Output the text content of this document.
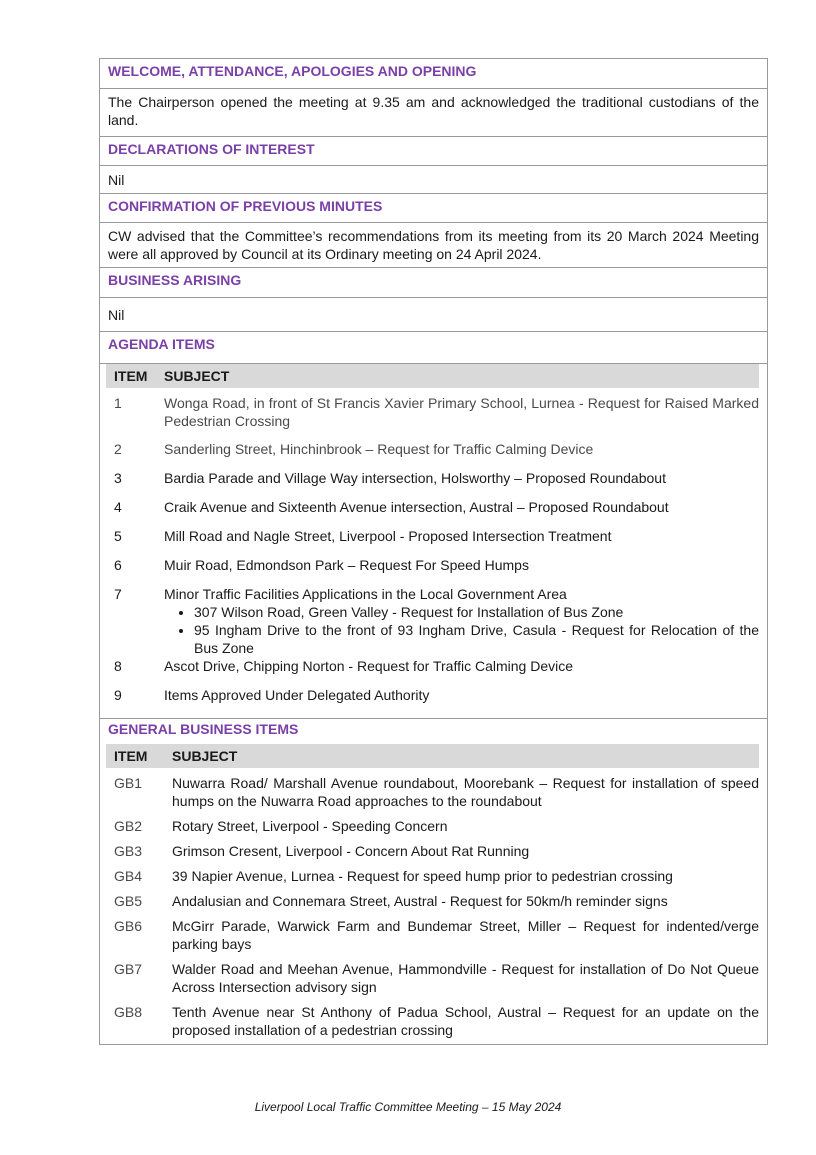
WELCOME, ATTENDANCE, APOLOGIES AND OPENING
The Chairperson opened the meeting at 9.35 am and acknowledged the traditional custodians of the land.
DECLARATIONS OF INTEREST
Nil
CONFIRMATION OF PREVIOUS MINUTES
CW advised that the Committee’s recommendations from its meeting from its 20 March 2024 Meeting were all approved by Council at its Ordinary meeting on 24 April 2024.
BUSINESS ARISING
Nil
AGENDA ITEMS
ITEM	SUBJECT
1	Wonga Road, in front of St Francis Xavier Primary School, Lurnea - Request for Raised Marked Pedestrian Crossing
2	Sanderling Street, Hinchinbrook – Request for Traffic Calming Device
3	Bardia Parade and Village Way intersection, Holsworthy – Proposed Roundabout
4	Craik Avenue and Sixteenth Avenue intersection, Austral – Proposed Roundabout
5	Mill Road and Nagle Street, Liverpool - Proposed Intersection Treatment
6	Muir Road, Edmondson Park – Request For Speed Humps
7	Minor Traffic Facilities Applications in the Local Government Area
• 307 Wilson Road, Green Valley - Request for Installation of Bus Zone
• 95 Ingham Drive to the front of 93 Ingham Drive, Casula - Request for Relocation of the Bus Zone
8	Ascot Drive, Chipping Norton - Request for Traffic Calming Device
9	Items Approved Under Delegated Authority
GENERAL BUSINESS ITEMS
ITEM	SUBJECT
GB1	Nuwarra Road/ Marshall Avenue roundabout, Moorebank – Request for installation of speed humps on the Nuwarra Road approaches to the roundabout
GB2	Rotary Street, Liverpool - Speeding Concern
GB3	Grimson Cresent, Liverpool - Concern About Rat Running
GB4	39 Napier Avenue, Lurnea - Request for speed hump prior to pedestrian crossing
GB5	Andalusian and Connemara Street, Austral - Request for 50km/h reminder signs
GB6	McGirr Parade, Warwick Farm and Bundemar Street, Miller – Request for indented/verge parking bays
GB7	Walder Road and Meehan Avenue, Hammondville - Request for installation of Do Not Queue Across Intersection advisory sign
GB8	Tenth Avenue near St Anthony of Padua School, Austral – Request for an update on the proposed installation of a pedestrian crossing
Liverpool Local Traffic Committee Meeting – 15 May 2024
